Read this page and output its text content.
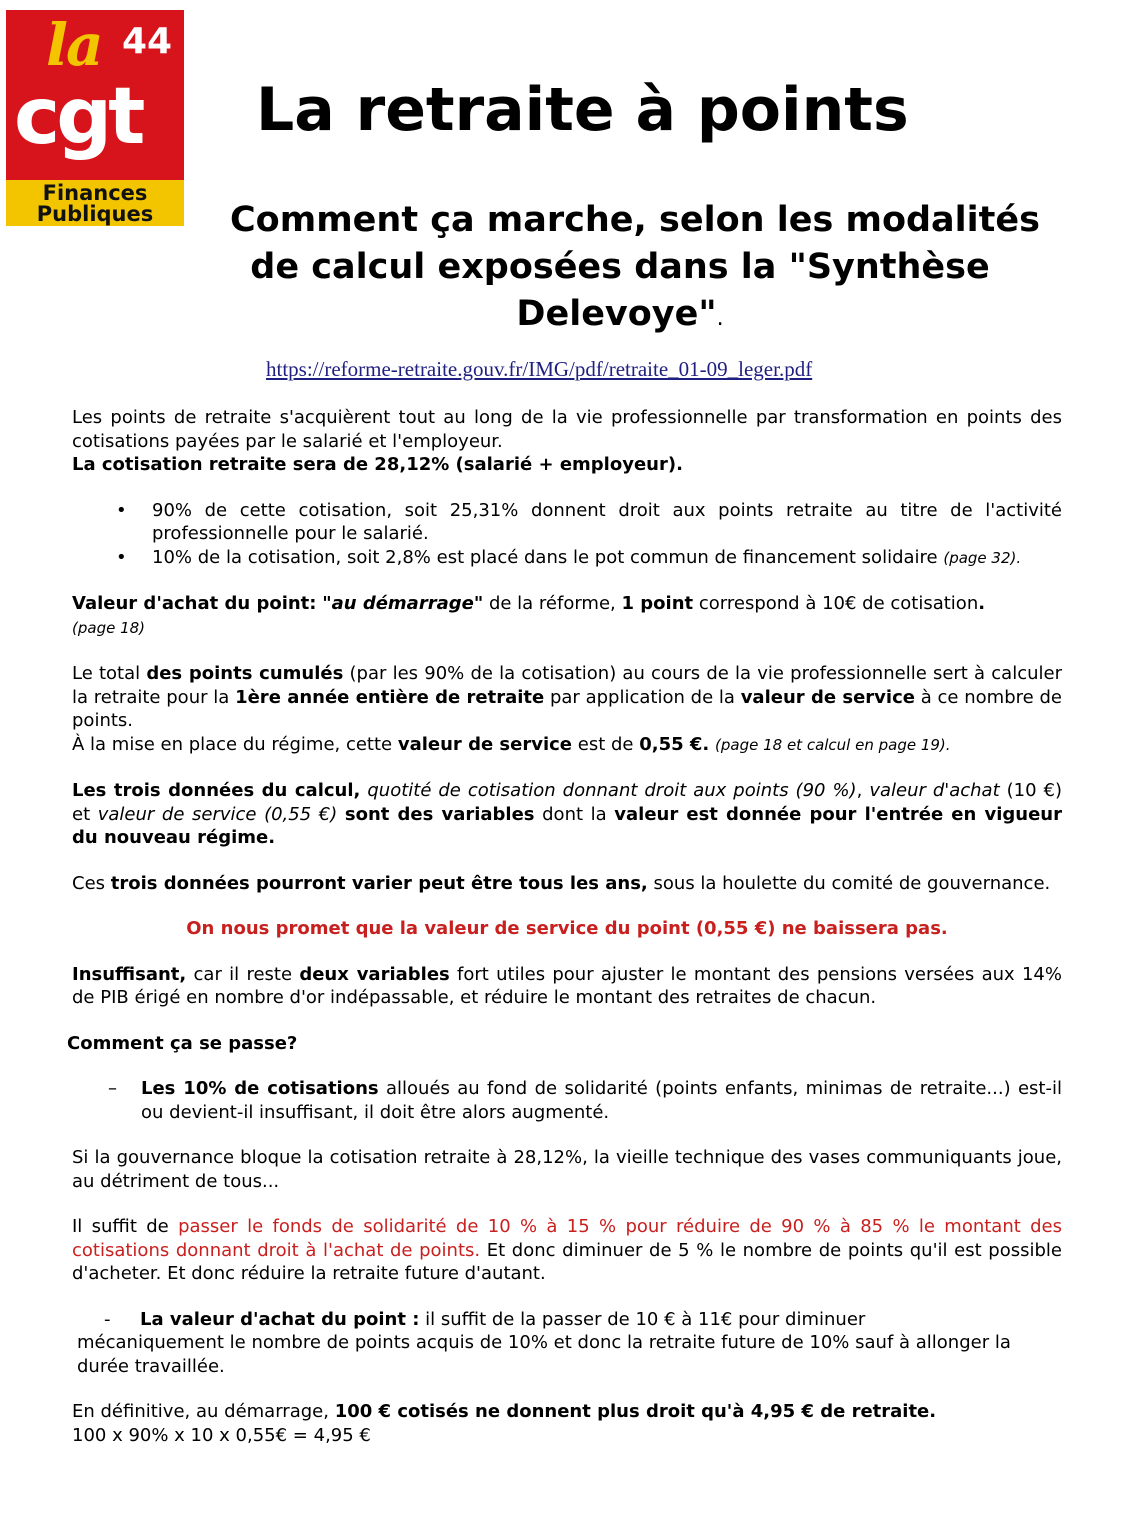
la 44
cgt
Finances
Publiques
La retraite à points
Comment ça marche, selon les modalités
de calcul exposées dans la "Synthèse
Delevoye".
https://reforme-retraite.gouv.fr/IMG/pdf/retraite_01-09_leger.pdf

Les points de retraite s'acquièrent tout au long de la vie professionnelle par transformation en points des cotisations payées par le salarié et l'employeur.
La cotisation retraite sera de 28,12% (salarié + employeur).

• 90% de cette cotisation, soit 25,31% donnent droit aux points retraite au titre de l'activité professionnelle pour le salarié.
• 10% de la cotisation, soit 2,8% est placé dans le pot commun de financement solidaire (page 32).

Valeur d'achat du point: "au démarrage" de la réforme, 1 point correspond à 10€ de cotisation.
(page 18)

Le total des points cumulés (par les 90% de la cotisation) au cours de la vie professionnelle sert à calculer la retraite pour la 1ère année entière de retraite par application de la valeur de service à ce nombre de points.

À la mise en place du régime, cette valeur de service est de 0,55 €. (page 18 et calcul en page 19).

Les trois données du calcul, quotité de cotisation donnant droit aux points (90 %), valeur d'achat (10 €) et valeur de service (0,55 €) sont des variables dont la valeur est donnée pour l'entrée en vigueur du nouveau régime.

Ces trois données pourront varier peut être tous les ans, sous la houlette du comité de gouvernance.

On nous promet que la valeur de service du point (0,55 €) ne baissera pas.

Insuffisant, car il reste deux variables fort utiles pour ajuster le montant des pensions versées aux 14% de PIB érigé en nombre d'or indépassable, et réduire le montant des retraites de chacun.

Comment ça se passe?

– Les 10% de cotisations alloués au fond de solidarité (points enfants, minimas de retraite...) est-il ou devient-il insuffisant, il doit être alors augmenté.

Si la gouvernance bloque la cotisation retraite à 28,12%, la vieille technique des vases communiquants joue, au détriment de tous...

Il suffit de passer le fonds de solidarité de 10 % à 15 % pour réduire de 90 % à 85 % le montant des cotisations donnant droit à l'achat de points. Et donc diminuer de 5 % le nombre de points qu'il est possible d'acheter. Et donc réduire la retraite future d'autant.

- La valeur d'achat du point : il suffit de la passer de 10 € à 11€ pour diminuer

mécaniquement le nombre de points acquis de 10% et donc la retraite future de 10% sauf à allonger la durée travaillée.

En définitive, au démarrage, 100 € cotisés ne donnent plus droit qu'à 4,95 € de retraite.

100 x 90% x 10 x 0,55€ = 4,95 €
